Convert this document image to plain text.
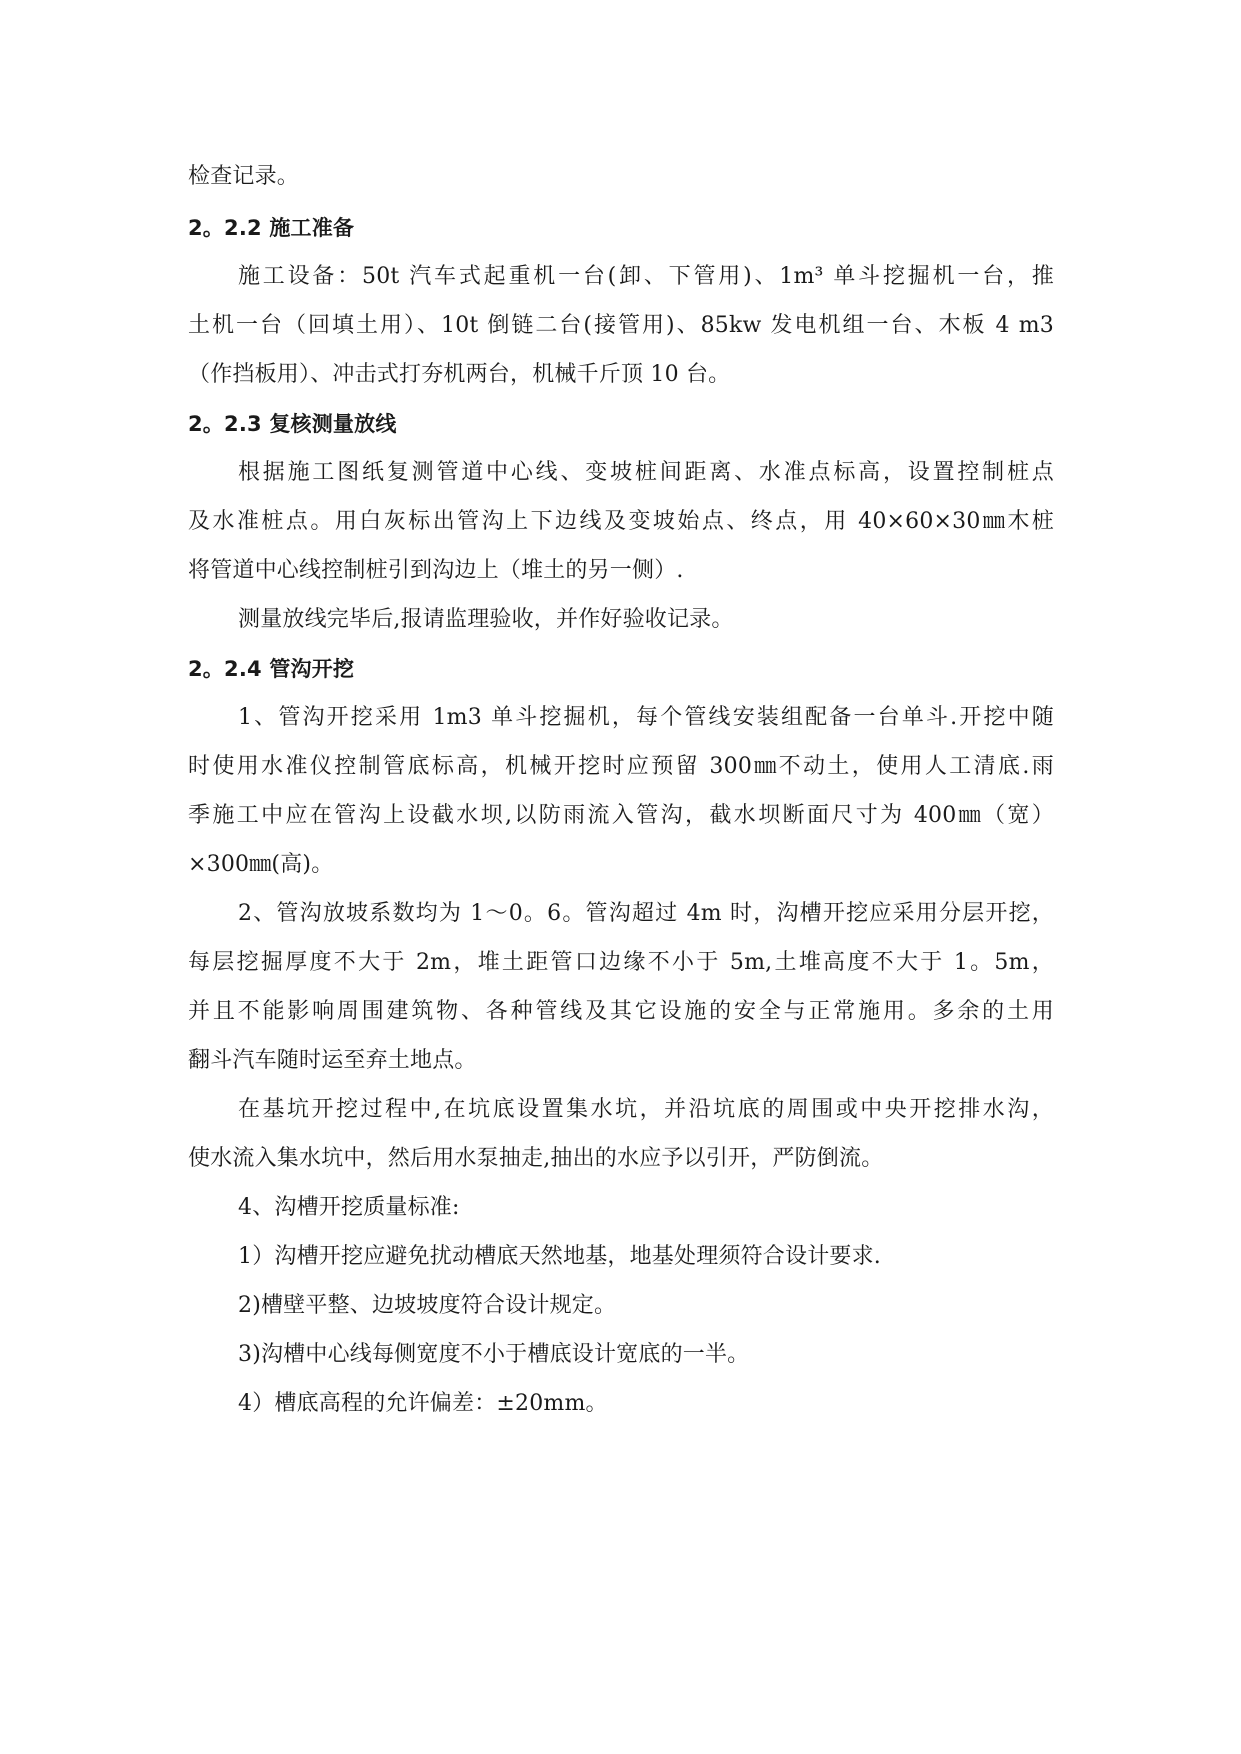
检查记录。
2。2.2 施工准备
施工设备：50t 汽车式起重机一台(卸、下管用)、1m³ 单斗挖掘机一台，推
土机一台（回填土用）、10t 倒链二台(接管用)、85kw 发电机组一台、木板 4 m3
（作挡板用）、冲击式打夯机两台，机械千斤顶 10 台。
2。2.3 复核测量放线
根据施工图纸复测管道中心线、变坡桩间距离、水准点标高，设置控制桩点
及水准桩点。用白灰标出管沟上下边线及变坡始点、终点，用 40×60×30㎜木桩
将管道中心线控制桩引到沟边上（堆土的另一侧）.
测量放线完毕后,报请监理验收，并作好验收记录。
2。2.4 管沟开挖
1、管沟开挖采用 1m3 单斗挖掘机，每个管线安装组配备一台单斗.开挖中随
时使用水准仪控制管底标高，机械开挖时应预留 300㎜不动土，使用人工清底.雨
季施工中应在管沟上设截水坝,以防雨流入管沟，截水坝断面尺寸为 400㎜（宽）
×300㎜(高)。
2、管沟放坡系数均为 1～0。6。管沟超过 4m 时，沟槽开挖应采用分层开挖，
每层挖掘厚度不大于 2m，堆土距管口边缘不小于 5m,土堆高度不大于 1。5m，
并且不能影响周围建筑物、各种管线及其它设施的安全与正常施用。多余的土用
翻斗汽车随时运至弃土地点。
在基坑开挖过程中,在坑底设置集水坑，并沿坑底的周围或中央开挖排水沟，
使水流入集水坑中，然后用水泵抽走,抽出的水应予以引开，严防倒流。
4、沟槽开挖质量标准:
1）沟槽开挖应避免扰动槽底天然地基，地基处理须符合设计要求.
2)槽壁平整、边坡坡度符合设计规定。
3)沟槽中心线每侧宽度不小于槽底设计宽底的一半。
4）槽底高程的允许偏差：±20mm。
